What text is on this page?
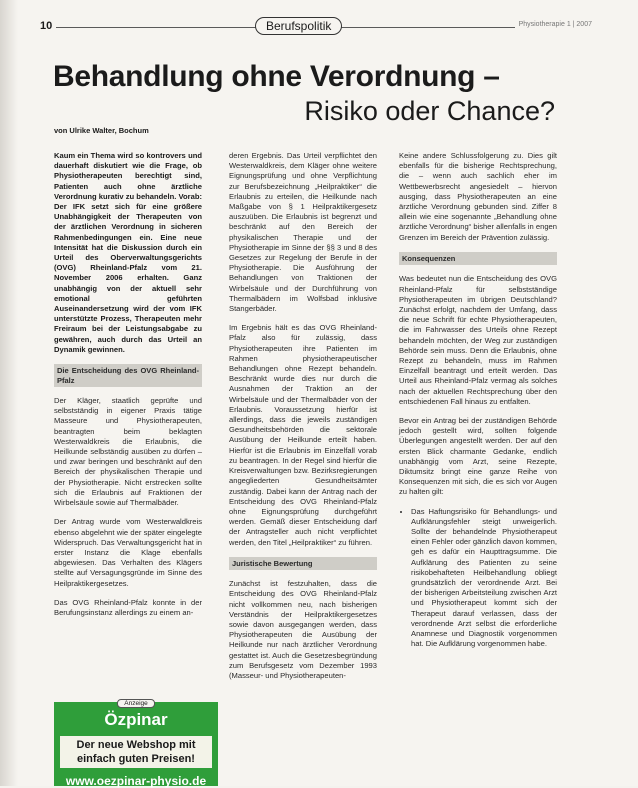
10	Berufspolitik	Physiotherapie 1 | 2007
Behandlung ohne Verordnung –
Risiko oder Chance?
von Ulrike Walter, Bochum

Kaum ein Thema wird so kontrovers und dauerhaft diskutiert wie die Frage, ob Physiotherapeuten berechtigt sind, Patienten auch ohne ärztliche Verordnung kurativ zu behandeln. Vorab: Der IFK setzt sich für eine größere Unabhängigkeit der Therapeuten von der ärztlichen Verordnung in sicheren Rahmenbedingungen ein. Eine neue Intensität hat die Diskussion durch ein Urteil des Oberverwaltungsgerichts (OVG) Rheinland-Pfalz vom 21. November 2006 erhalten. Ganz unabhängig von der aktuell sehr emotional geführten Auseinandersetzung wird der vom IFK unterstützte Prozess, Therapeuten mehr Freiraum bei der Leistungsabgabe zu gewähren, auch durch das Urteil an Dynamik gewinnen.

Die Entscheidung des OVG Rheinland-Pfalz

Der Kläger, staatlich geprüfte und selbstständig in eigener Praxis tätige Masseure und Physiotherapeuten, beantragten beim beklagten Westerwaldkreis die Erlaubnis, die Heilkunde selbständig ausüben zu dürfen – und zwar beringen und beschränkt auf den Bereich der physikalischen Therapie und der Physiotherapie. Nicht erstrecken sollte sich die Erlaubnis auf Fraktionen der Wirbelsäule sowie auf Thermalbäder.

Der Antrag wurde vom Westerwaldkreis ebenso abgelehnt wie der später eingelegte Widerspruch. Das Verwaltungsgericht hat in erster Instanz die Klage ebenfalls abgewiesen. Das Verhalten des Klägers stellte auf Versagungsgründe im Sinne des Heilpraktikergesetzes.

Das OVG Rheinland-Pfalz konnte in der Berufungsinstanz allerdings zu einem an-

deren Ergebnis. Das Urteil verpflichtet den Westerwaldkreis, dem Kläger ohne weitere Eignungsprüfung und ohne Verpflichtung zur Berufsbezeichnung „Heilpraktiker“ die Erlaubnis zu erteilen, die Heilkunde nach Maßgabe von § 1 Heilpraktikergesetz auszuüben. Die Erlaubnis ist begrenzt und beschränkt auf den Bereich der physikalischen Therapie und der Physiotherapie im Sinne der §§ 3 und 8 des Gesetzes zur Regelung der Berufe in der Physiotherapie. Die Ausführung der Behandlungen von Traktionen der Wirbelsäule und der Durchführung von Thermalbädern im Wolfsbad inklusive Stangerbäder.

Im Ergebnis hält es das OVG Rheinland-Pfalz also für zulässig, dass Physiotherapeuten ihre Patienten im Rahmen physiotherapeutischer Behandlungen ohne Rezept behandeln. Beschränkt wurde dies nur durch die Ausnahmen der Traktion an der Wirbelsäule und der Thermalbäder von der Erlaubnis. Voraussetzung hierfür ist allerdings, dass die jeweils zuständigen Gesundheitsbehörden die sektorale Ausübung der Heilkunde erteilt haben. Hierfür ist die Erlaubnis im Einzelfall vorab zu beantragen. In der Regel sind hierfür die Kreisverwaltungen bzw. Bezirksregierungen angegliederten Gesundheitsämter zuständig. Dabei kann der Antrag nach der Entscheidung des OVG Rheinland-Pfalz ohne Eignungsprüfung durchgeführt werden. Gemäß dieser Entscheidung darf der Antragsteller auch nicht verpflichtet werden, den Titel „Heilpraktiker“ zu führen.

Juristische Bewertung

Zunächst ist festzuhalten, dass die Entscheidung des OVG Rheinland-Pfalz nicht vollkommen neu, nach bisherigen Verständnis der Heilpraktikergesetzes sowie davon ausgegangen werden, dass Physiotherapeuten die Ausübung der Heilkunde nur nach ärztlicher Verordnung gestattet ist. Auch die Gesetzesbegründung zum Berufsgesetz vom Dezember 1993 (Masseur- und Physiotherapeuten-

Keine andere Schlussfolgerung zu. Dies gilt ebenfalls für die bisherige Rechtsprechung, die – wenn auch sachlich eher im Wettbewerbsrecht angesiedelt – hiervon ausging, dass Physiotherapeuten an eine ärztliche Verordnung gebunden sind. Ziffer 8 allein wie eine sogenannte „Behandlung ohne ärztliche Verordnung“ bisher allenfalls in engen Grenzen im Bereich der Prävention zulässig.

Konsequenzen

Was bedeutet nun die Entscheidung des OVG Rheinland-Pfalz für selbstständige Physiotherapeuten im übrigen Deutschland? Zunächst erfolgt, nachdem der Umfang, dass die neue Schrift für echte Physiotherapeuten, die im Fahrwasser des Urteils ohne Rezept behandeln möchten, der Weg zur zuständigen Behörde sein muss. Denn die Erlaubnis, ohne Rezept zu behandeln, muss im Rahmen Einzelfall beantragt und erteilt werden. Das Urteil aus Rheinland-Pfalz vermag als solches nach der aktuellen Rechtsprechung über den entschiedenen Fall hinaus zu entfalten.

Bevor ein Antrag bei der zuständigen Behörde jedoch gestellt wird, sollten folgende Überlegungen angestellt werden. Der auf den ersten Blick charmante Gedanke, endlich unabhängig vom Arzt, seine Rezepte, Diktumsitz bringt eine ganze Reihe von Konsequenzen mit sich, die es sich vor Augen zu halten gilt:

• Das Haftungsrisiko für Behandlungs- und Aufklärungsfehler steigt unweigerlich. Sollte der behandelnde Physiotherapeut einen Fehler oder gänzlich davon kommen, geh es dafür ein Haupttragsumme. Die Aufklärung des Patienten zu seine risikobehafteten Heilbehandlung obliegt grundsätzlich der verordnende Arzt. Bei der bisherigen Arbeitsteilung zwischen Arzt und Physiotherapeut kommt sich der Therapeut darauf verlassen, dass der verordnende Arzt selbst die erforderliche Anamnese und Diagnostik vorgenommen hat. Die Aufklärung vorgenommen habe.
Özpinar
Der neue Webshop mit
einfach guten Preisen!
www.oezpinar-physio.de
Anzeige
